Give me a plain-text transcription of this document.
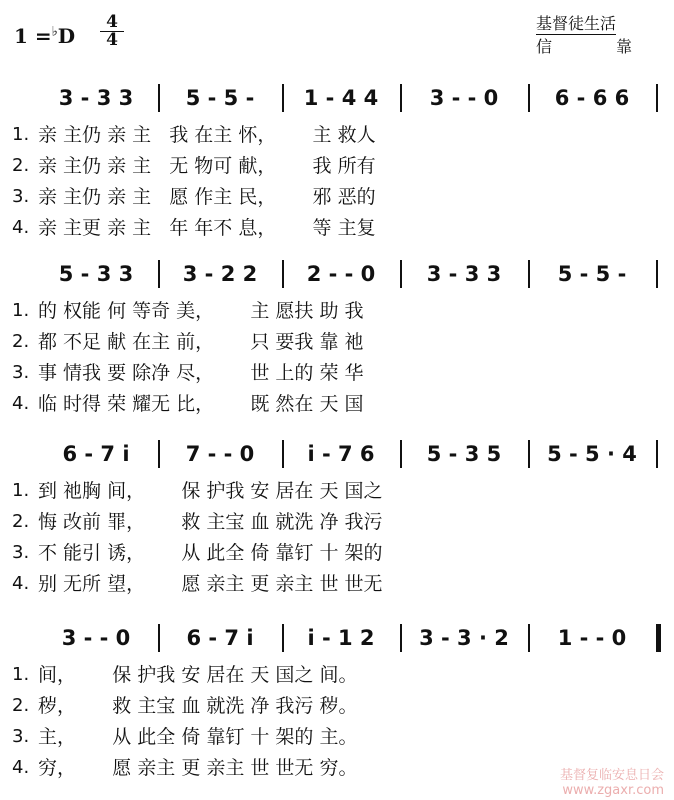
1 =♭D
4
4
基督徒生活
信	靠
3 - 3 3	5 - 5 -	1 - 4 4	3 - - 0	6 - 6 6
1. 亲 主仍 亲 主   我 在主 怀，      主 救人
2. 亲 主仍 亲 主   无 物可 献，      我 所有
3. 亲 主仍 亲 主   愿 作主 民，      邪 恶的
4. 亲 主更 亲 主   年 年不 息，      等 主复
5 - 3 3	3 - 2 2	2 - - 0	3 - 3 3	5 - 5 -
1. 的 权能 何 等奇 美，      主 愿扶 助 我
2. 都 不足 献 在主 前，      只 要我 靠 祂
3. 事 情我 要 除净 尽，      世 上的 荣 华
4. 临 时得 荣 耀无 比，      既 然在 天 国
6 - 7 i	7 - - 0	i - 7 6	5 - 3 5	5 - 5 · 4
1. 到 祂胸 间，      保 护我 安 居在 天 国之
2. 悔 改前 罪，      救 主宝 血 就洗 净 我污
3. 不 能引 诱，      从 此全 倚 靠钉 十 架的
4. 别 无所 望，      愿 亲主 更 亲主 世 世无
3 - - 0	6 - 7 i	i - 1 2	3 - 3 · 2	1 - - 0
1. 间，      保 护我 安 居在 天 国之 间。
2. 秽，      救 主宝 血 就洗 净 我污 秽。
3. 主，      从 此全 倚 靠钉 十 架的 主。
4. 穷，      愿 亲主 更 亲主 世 世无 穷。	基督复临安息日会
www.zgaxr.com
